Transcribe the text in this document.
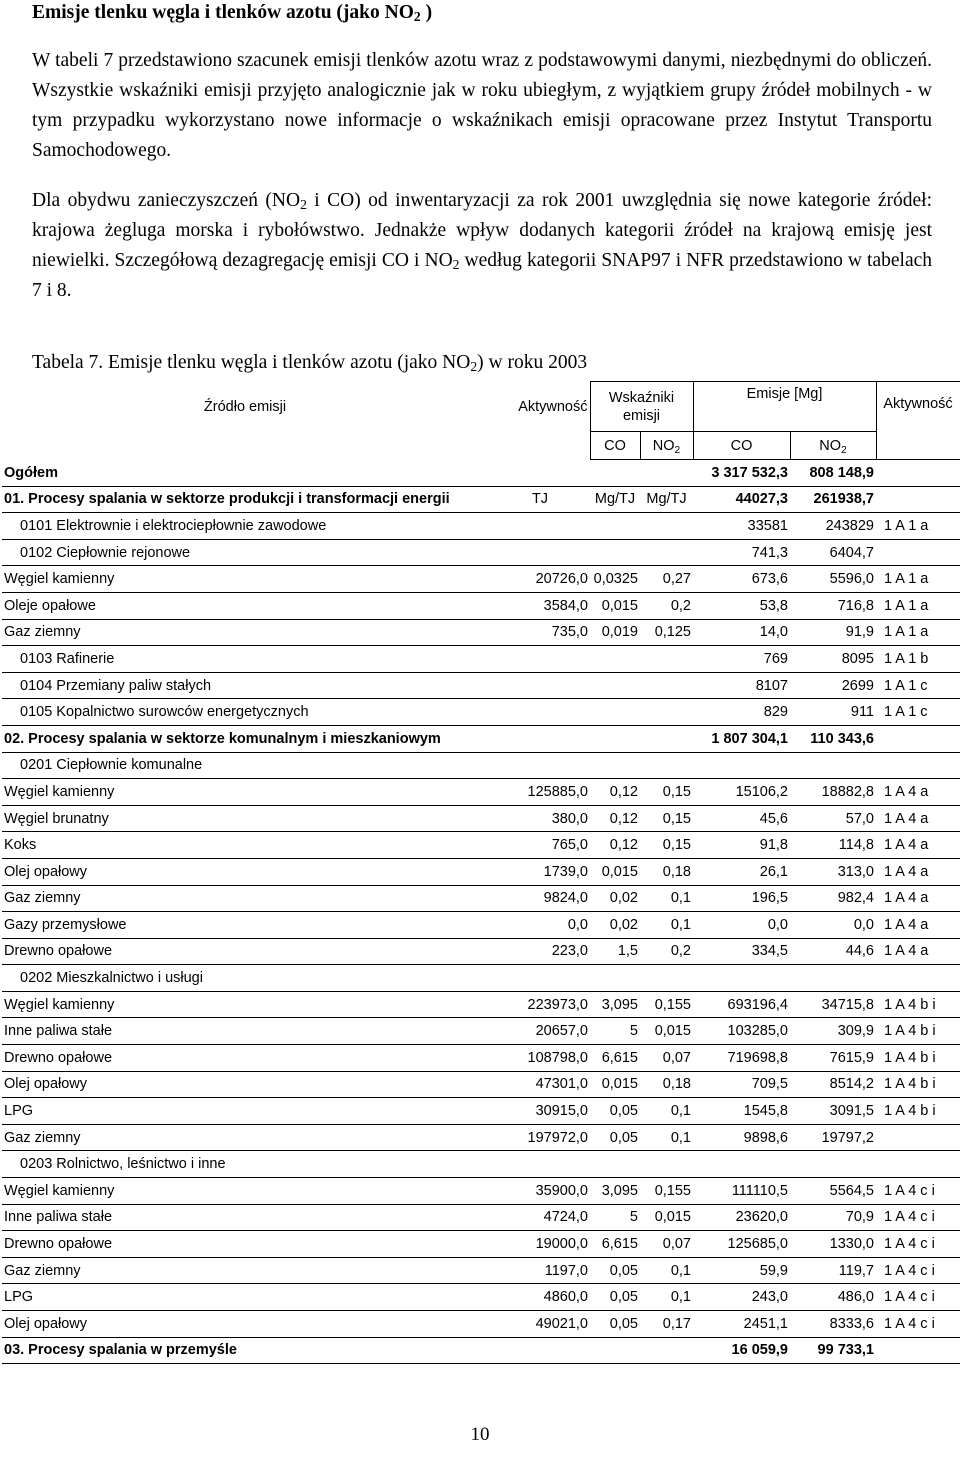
Emisje tlenku węgla i tlenków azotu (jako $NO_2$ )
W tabeli 7 przedstawiono szacunek emisji tlenków azotu wraz z podstawowymi danymi, niezbędnymi do obliczeń. Wszystkie wskaźniki emisji przyjęto analogicznie jak w roku ubiegłym, z wyjątkiem grupy źródeł mobilnych - w tym przypadku wykorzystano nowe informacje o wskaźnikach emisji opracowane przez Instytut Transportu Samochodowego.
Dla obydwu zanieczyszczeń ($NO_2$ i CO) od inwentaryzacji za rok 2001 uwzględnia się nowe kategorie źródeł: krajowa żegluga morska i rybołówstwo. Jednakże wpływ dodanych kategorii źródeł na krajową emisję jest niewielki. Szczegółową dezagregację emisji CO i $NO_2$ według kategorii SNAP97 i NFR przedstawiono w tabelach 7 i 8.
Tabela 7. Emisje tlenku węgla i tlenków azotu (jako $NO_2$) w roku 2003
Źródło emisji	Aktywność	Wskaźniki emisji		Emisje [Mg]		Aktywność
		CO	$NO_2$	CO	$NO_2$
Ogółem				3 317 532,3	808 148,9	
01. Procesy spalania w sektorze produkcji i transformacji energii	TJ	Mg/TJ	Mg/TJ	44027,3	261938,7	
0101 Elektrownie i elektrociepłownie zawodowe				33581	243829	1 A 1 a
0102 Ciepłownie rejonowe				741,3	6404,7	
Węgiel kamienny	20726,0	0,0325	0,27	673,6	5596,0	1 A 1 a
Oleje opałowe	3584,0	0,015	0,2	53,8	716,8	1 A 1 a
Gaz ziemny	735,0	0,019	0,125	14,0	91,9	1 A 1 a
0103 Rafinerie				769	8095	1 A 1 b
0104 Przemiany paliw stałych				8107	2699	1 A 1 c
0105 Kopalnictwo surowców energetycznych				829	911	1 A 1 c
02. Procesy spalania w sektorze komunalnym i mieszkaniowym				1 807 304,1	110 343,6	
0201 Ciepłownie komunalne						
Węgiel kamienny	125885,0	0,12	0,15	15106,2	18882,8	1 A 4 a
Węgiel brunatny	380,0	0,12	0,15	45,6	57,0	1 A 4 a
Koks	765,0	0,12	0,15	91,8	114,8	1 A 4 a
Olej opałowy	1739,0	0,015	0,18	26,1	313,0	1 A 4 a
Gaz ziemny	9824,0	0,02	0,1	196,5	982,4	1 A 4 a
Gazy przemysłowe	0,0	0,02	0,1	0,0	0,0	1 A 4 a
Drewno opałowe	223,0	1,5	0,2	334,5	44,6	1 A 4 a
0202 Mieszkalnictwo i usługi						
Węgiel kamienny	223973,0	3,095	0,155	693196,4	34715,8	1 A 4 b i
Inne paliwa stałe	20657,0	5	0,015	103285,0	309,9	1 A 4 b i
Drewno opałowe	108798,0	6,615	0,07	719698,8	7615,9	1 A 4 b i
Olej opałowy	47301,0	0,015	0,18	709,5	8514,2	1 A 4 b i
LPG	30915,0	0,05	0,1	1545,8	3091,5	1 A 4 b i
Gaz ziemny	197972,0	0,05	0,1	9898,6	19797,2	
0203 Rolnictwo, leśnictwo i inne						
Węgiel kamienny	35900,0	3,095	0,155	111110,5	5564,5	1 A 4 c i
Inne paliwa stałe	4724,0	5	0,015	23620,0	70,9	1 A 4 c i
Drewno opałowe	19000,0	6,615	0,07	125685,0	1330,0	1 A 4 c i
Gaz ziemny	1197,0	0,05	0,1	59,9	119,7	1 A 4 c i
LPG	4860,0	0,05	0,1	243,0	486,0	1 A 4 c i
Olej opałowy	49021,0	0,05	0,17	2451,1	8333,6	1 A 4 c i
03. Procesy spalania w przemyśle				16 059,9	99 733,1	
10
